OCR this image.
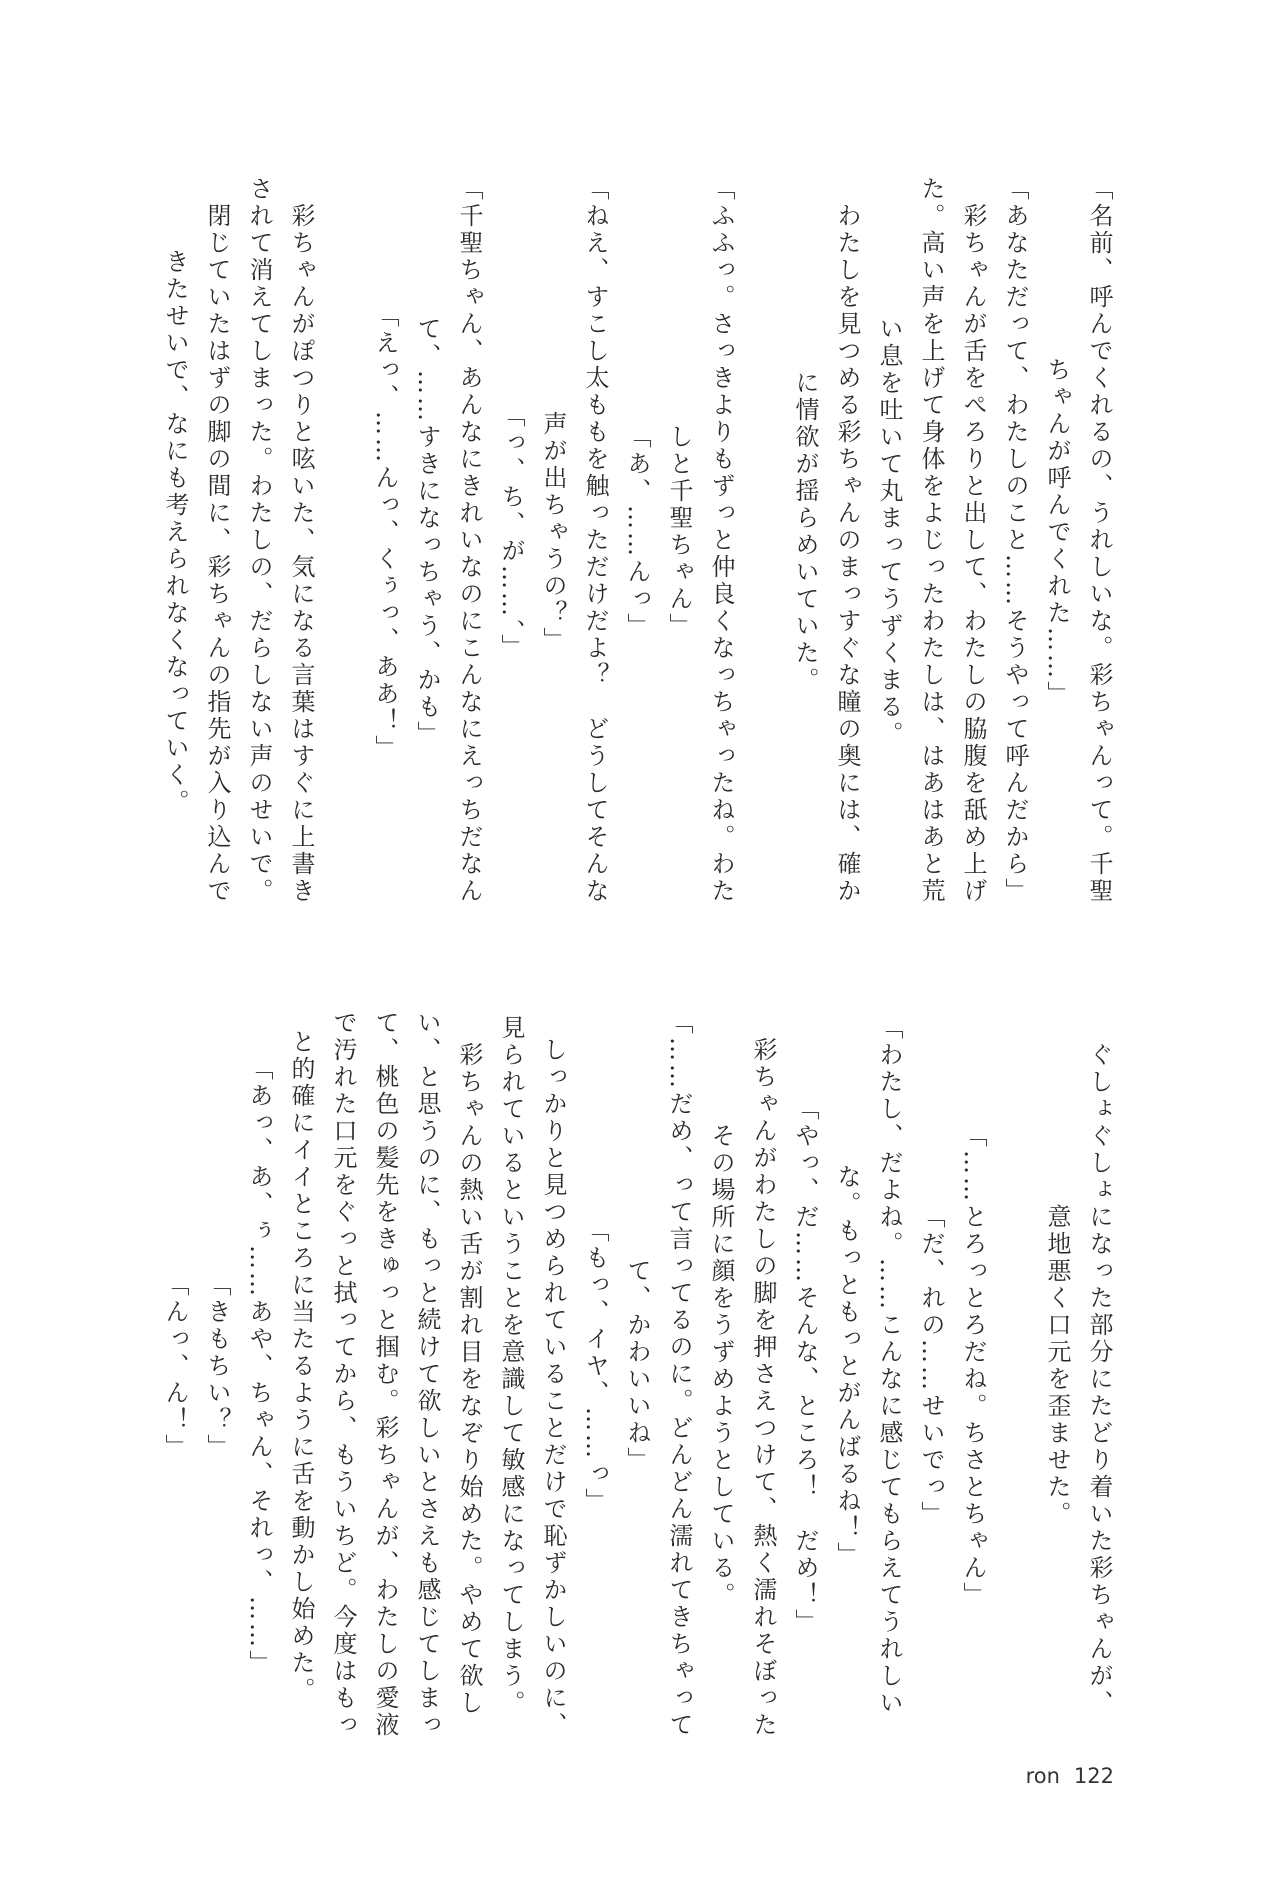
「名前、呼んでくれるの、うれしいな。彩ちゃんって。千聖
ちゃんが呼んでくれた……」
「あなただって、わたしのこと……そうやって呼んだから」
　彩ちゃんが舌をぺろりと出して、わたしの脇腹を舐め上げ
た。高い声を上げて身体をよじったわたしは、はあはあと荒
い息を吐いて丸まってうずくまる。
　わたしを見つめる彩ちゃんのまっすぐな瞳の奥には、確か
に情欲が揺らめいていた。
「ふふっ。さっきよりもずっと仲良くなっちゃったね。わた
しと千聖ちゃん」
「あ、……んっ」
「ねえ、すこし太ももを触っただけだよ？　どうしてそんな
声が出ちゃうの？」
「っ、ち、が……、」
「千聖ちゃん、あんなにきれいなのにこんなにえっちだなん
て、……すきになっちゃう、かも」
「えっ、……んっ、くぅっ、ああ！」
　彩ちゃんがぽつりと呟いた、気になる言葉はすぐに上書き
されて消えてしまった。わたしの、だらしない声のせいで。
　閉じていたはずの脚の間に、彩ちゃんの指先が入り込んで
きたせいで、なにも考えられなくなっていく。
　ぐしょぐしょになった部分にたどり着いた彩ちゃんが、
意地悪く口元を歪ませた。
「……とろっとろだね。ちさとちゃん」
「だ、れの……せいでっ」
「わたし、だよね。……こんなに感じてもらえてうれしい
な。もっともっとがんばるね！」
「やっ、だ……そんな、ところ！　だめ！」
　彩ちゃんがわたしの脚を押さえつけて、熱く濡れそぼった
その場所に顔をうずめようとしている。
「……だめ、って言ってるのに。どんどん濡れてきちゃって
て、かわいいね」
「もっ、イヤ、……っ」
　しっかりと見つめられていることだけで恥ずかしいのに、
見られているということを意識して敏感になってしまう。
　彩ちゃんの熱い舌が割れ目をなぞり始めた。やめて欲し
い、と思うのに、もっと続けて欲しいとさえも感じてしまっ
て、桃色の髪先をきゅっと掴む。彩ちゃんが、わたしの愛液
で汚れた口元をぐっと拭ってから、もういちど。今度はもっ
と的確にイイところに当たるように舌を動かし始めた。
「あっ、あ、ぅ……あや、ちゃん、それっ、……」
「きもちい？」
「んっ、ん！」
ron 122
